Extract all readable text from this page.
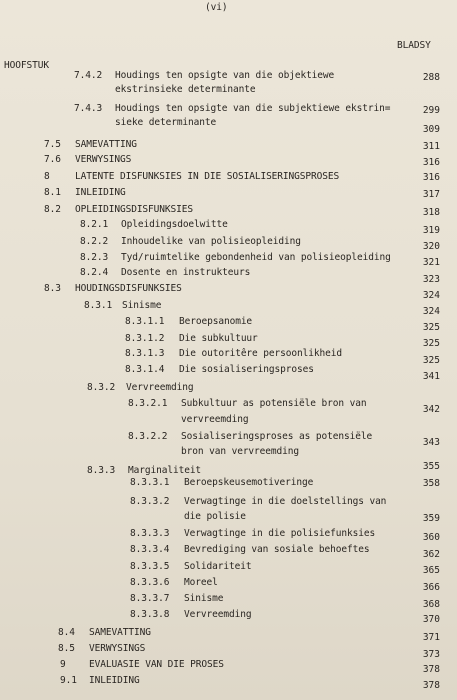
(vi)
BLADSY
HOOFSTUK
7.4.2 Houdings ten opsigte van die objektiewe
ekstrinsieke determinante
288
7.4.3 Houdings ten opsigte van die subjektiewe ekstrin=
sieke determinante
299
309
7.5 SAMEVATTING	311
7.6 VERWYSINGS	316
8	LATENTE DISFUNKSIES IN DIE SOSIALISERINGSPROSES	316
8.1 INLEIDING	317
8.2 OPLEIDINGSDISFUNKSIES	318
8.2.1 Opleidingsdoelwitte
319
8.2.2 Inhoudelike van polisieopleiding	320
8.2.3 Tyd/ruimtelike gebondenheid van polisieopleiding	321
8.2.4 Dosente en instrukteurs
323
8.3 HOUDINGSDISFUNKSIES
324
8.3.1 Sinisme
324
8.3.1.1 Beroepsanomie
325
8.3.1.2 Die subkultuur	325
8.3.1.3 Die outoritêre persoonlikheid
325
8.3.1.4 Die sosialiseringsproses
341
8.3.2 Vervreemding
8.3.2.1 Subkultuur as potensiële bron van
vervreemding
342
8.3.2.2 Sosialiseringsproses as potensiële
bron van vervreemding
343
8.3.3 Marginaliteit	355
8.3.3.1 Beroepskeusemotiveringe	358
8.3.3.2 Verwagtinge in die doelstellings van
die polisie	359
8.3.3.3 Verwagtinge in die polisiefunksies	360
8.3.3.4 Bevrediging van sosiale behoeftes	362
8.3.3.5 Solidariteit	365
8.3.3.6 Moreel	366
8.3.3.7 Sinisme
368
8.3.3.8 Vervreemding	370
8.4 SAMEVATTING	371
8.5 VERWYSINGS
373
9 EVALUASIE VAN DIE PROSES	378
9.1 INLEIDING	378
